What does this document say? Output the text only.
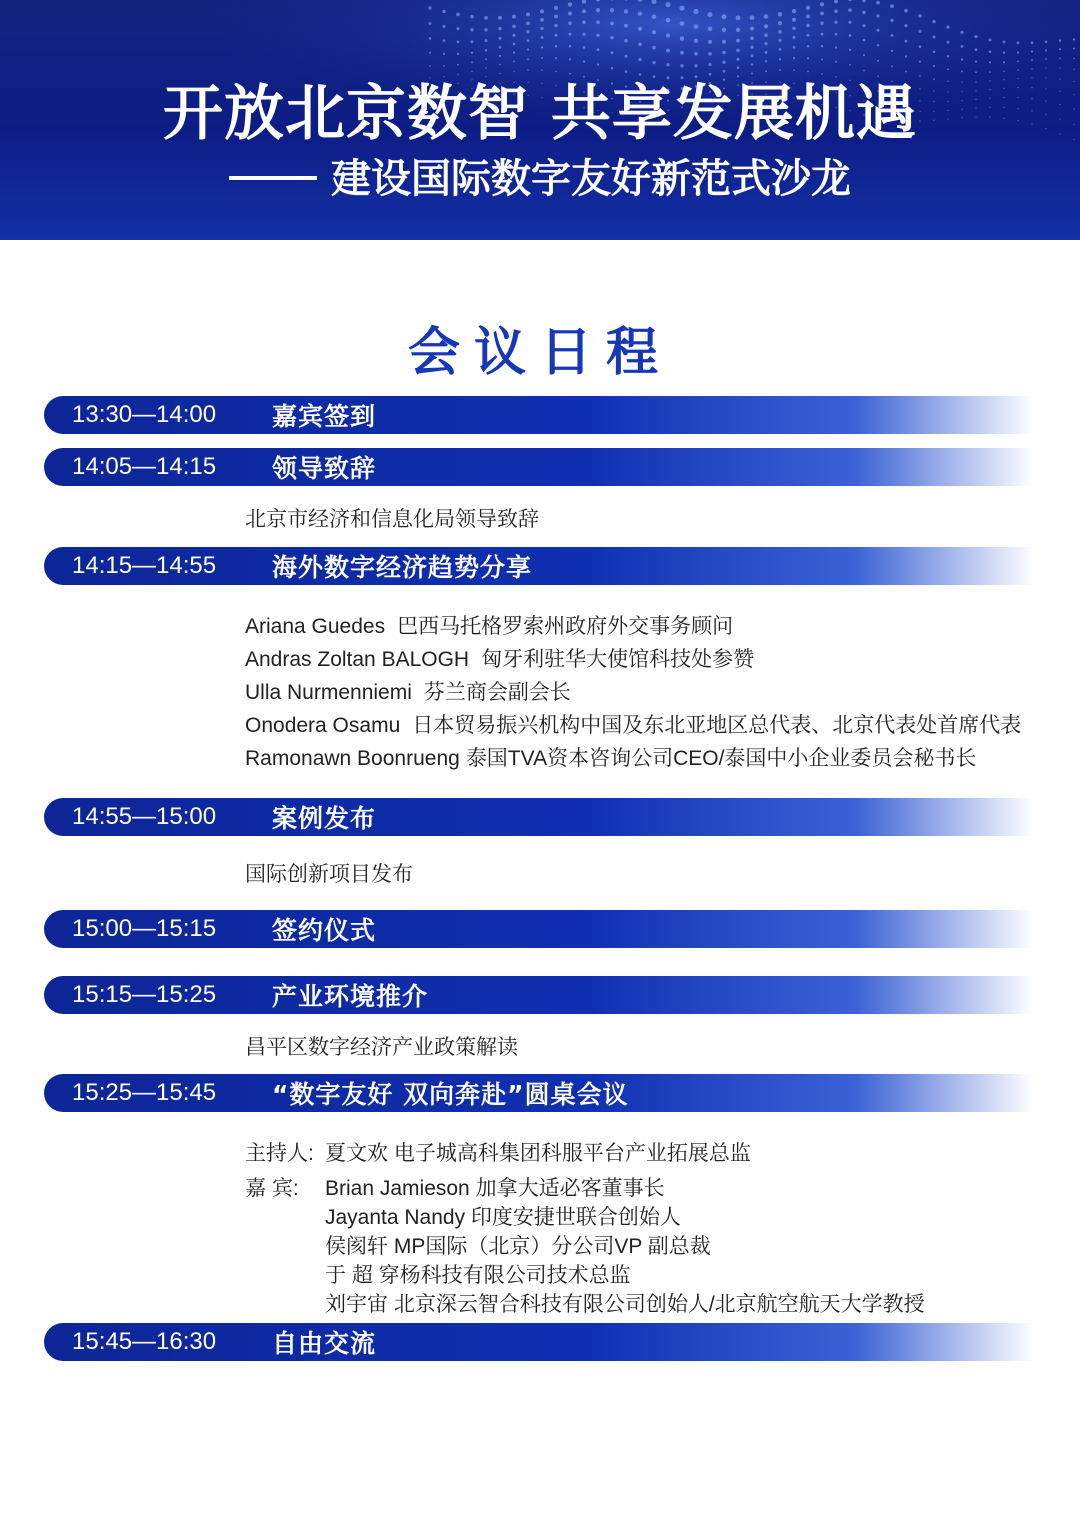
开放北京数智 共享发展机遇
建设国际数字友好新范式沙龙
会议日程
13:30—14:00	嘉宾签到
14:05—14:15	领导致辞
北京市经济和信息化局领导致辞
14:15—14:55	海外数字经济趋势分享
Ariana Guedes 巴西马托格罗索州政府外交事务顾问
Andras Zoltan BALOGH 匈牙利驻华大使馆科技处参赞
Ulla Nurmenniemi 芬兰商会副会长
Onodera Osamu 日本贸易振兴机构中国及东北亚地区总代表、北京代表处首席代表
Ramonawn Boonrueng 泰国TVA资本咨询公司CEO/泰国中小企业委员会秘书长
14:55—15:00	案例发布
国际创新项目发布
15:00—15:15	签约仪式
15:15—15:25	产业环境推介
昌平区数字经济产业政策解读
15:25—15:45	“数字友好 双向奔赴”圆桌会议
主持人: 夏文欢 电子城高科集团科服平台产业拓展总监
嘉 宾: Brian Jamieson 加拿大适必客董事长
Jayanta Nandy 印度安捷世联合创始人
侯阂轩 MP国际（北京）分公司VP 副总裁
于 超 穿杨科技有限公司技术总监
刘宇宙 北京深云智合科技有限公司创始人/北京航空航天大学教授
15:45—16:30	自由交流
